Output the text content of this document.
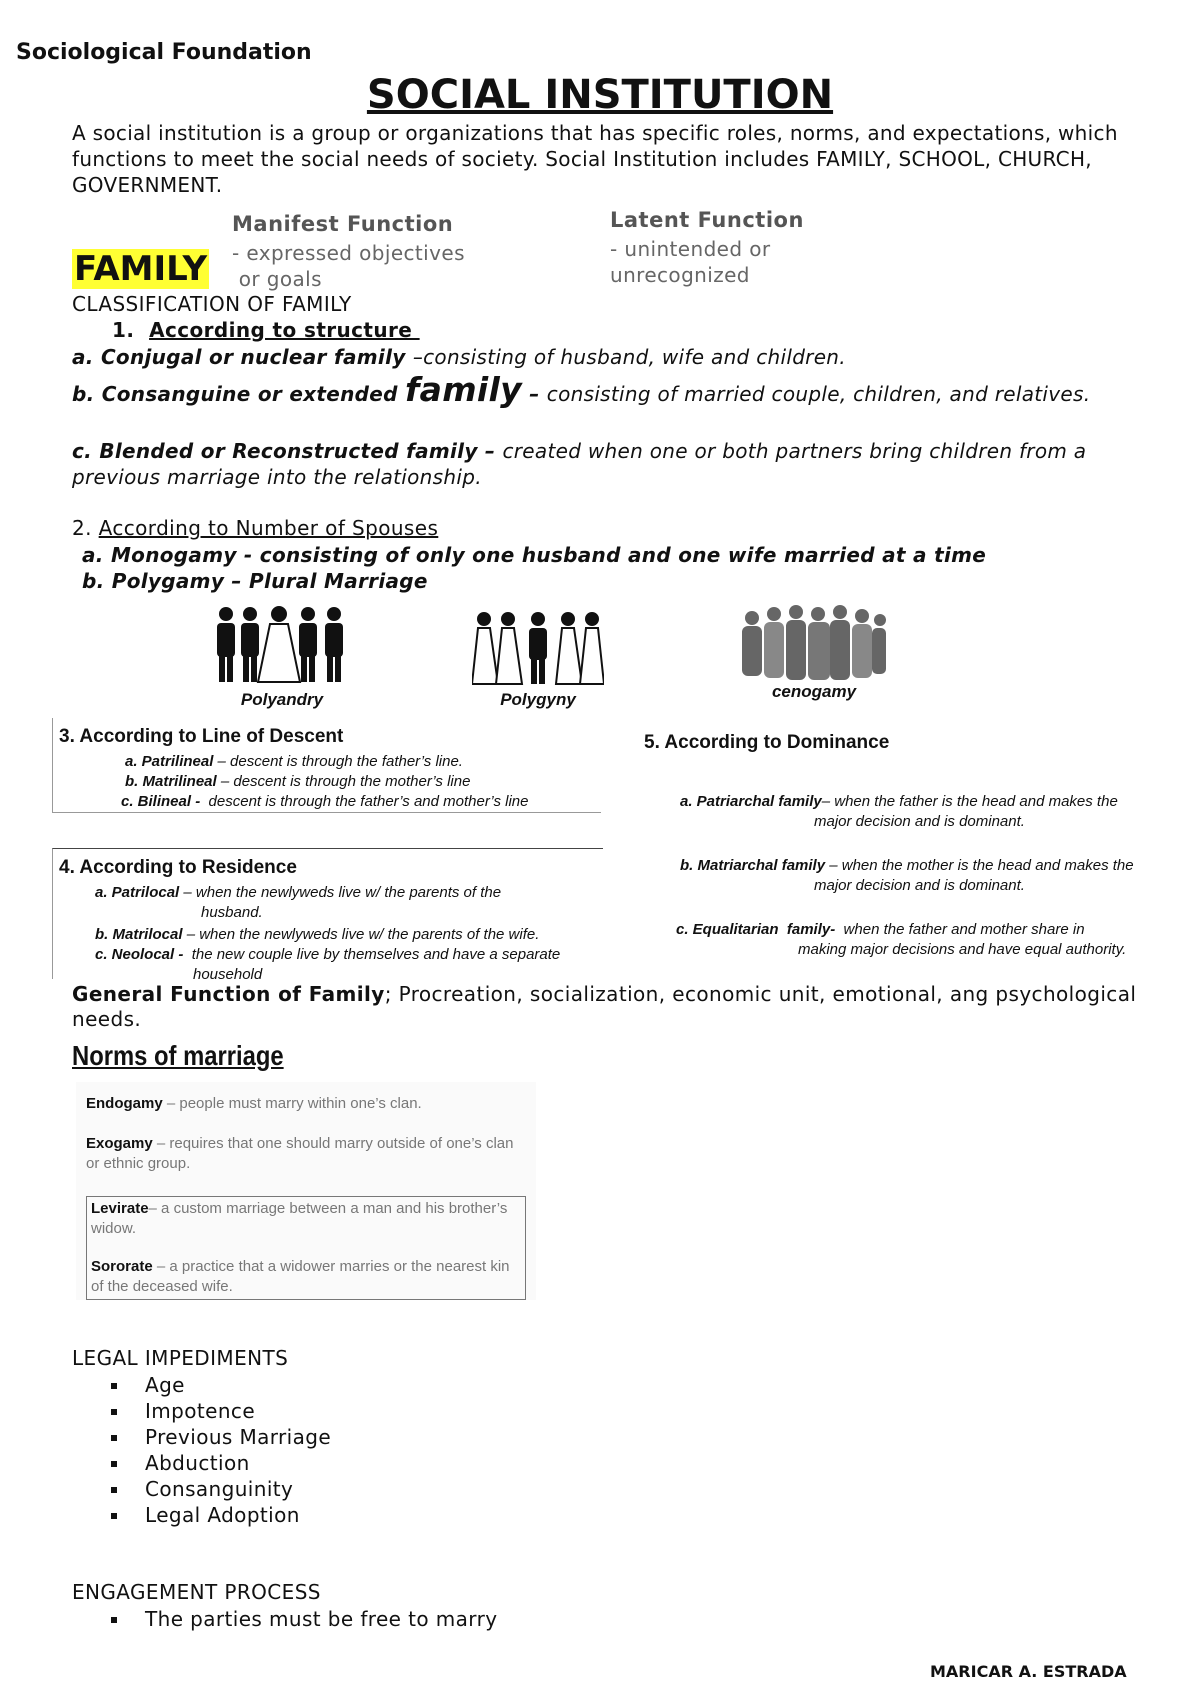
Sociological Foundation
SOCIAL INSTITUTION
A social institution is a group or organizations that has specific roles, norms, and expectations, which functions to meet the social needs of society. Social Institution includes FAMILY, SCHOOL, CHURCH, GOVERNMENT.
Manifest Function
- expressed objectives
or goals
Latent Function
- unintended or
unrecognized
FAMILY
CLASSIFICATION OF FAMILY
1. According to structure
a. Conjugal or nuclear family –consisting of husband, wife and children.
b. Consanguine or extended family – consisting of married couple, children, and relatives.
c. Blended or Reconstructed family – created when one or both partners bring children from a previous marriage into the relationship.
2. According to Number of Spouses
a. Monogamy - consisting of only one husband and one wife married at a time
b. Polygamy – Plural Marriage
Polyandry	Polygyny	cenogamy
3. According to Line of Descent
a. Patrilineal – descent is through the father’s line.
b. Matrilineal – descent is through the mother’s line
c. Bilineal -  descent is through the father’s and mother’s line
4. According to Residence
a. Patrilocal – when the newlyweds live w/ the parents of the
husband.
b. Matrilocal – when the newlyweds live w/ the parents of the wife.
c. Neolocal -  the new couple live by themselves and have a separate
household
5. According to Dominance
a. Patriarchal family– when the father is the head and makes the
major decision and is dominant.
b. Matriarchal family – when the mother is the head and makes the
major decision and is dominant.
c. Equalitarian  family-  when the father and mother share in
making major decisions and have equal authority.
General Function of Family; Procreation, socialization, economic unit, emotional, ang psychological needs.
Norms of marriage
Endogamy – people must marry within one’s clan.
Exogamy – requires that one should marry outside of one’s clan or ethnic group.
Levirate– a custom marriage between a man and his brother’s widow.
Sororate – a practice that a widower marries or the nearest kin of the deceased wife.
LEGAL IMPEDIMENTS
Age
Impotence
Previous Marriage
Abduction
Consanguinity
Legal Adoption
ENGAGEMENT PROCESS
The parties must be free to marry
MARICAR A. ESTRADA
